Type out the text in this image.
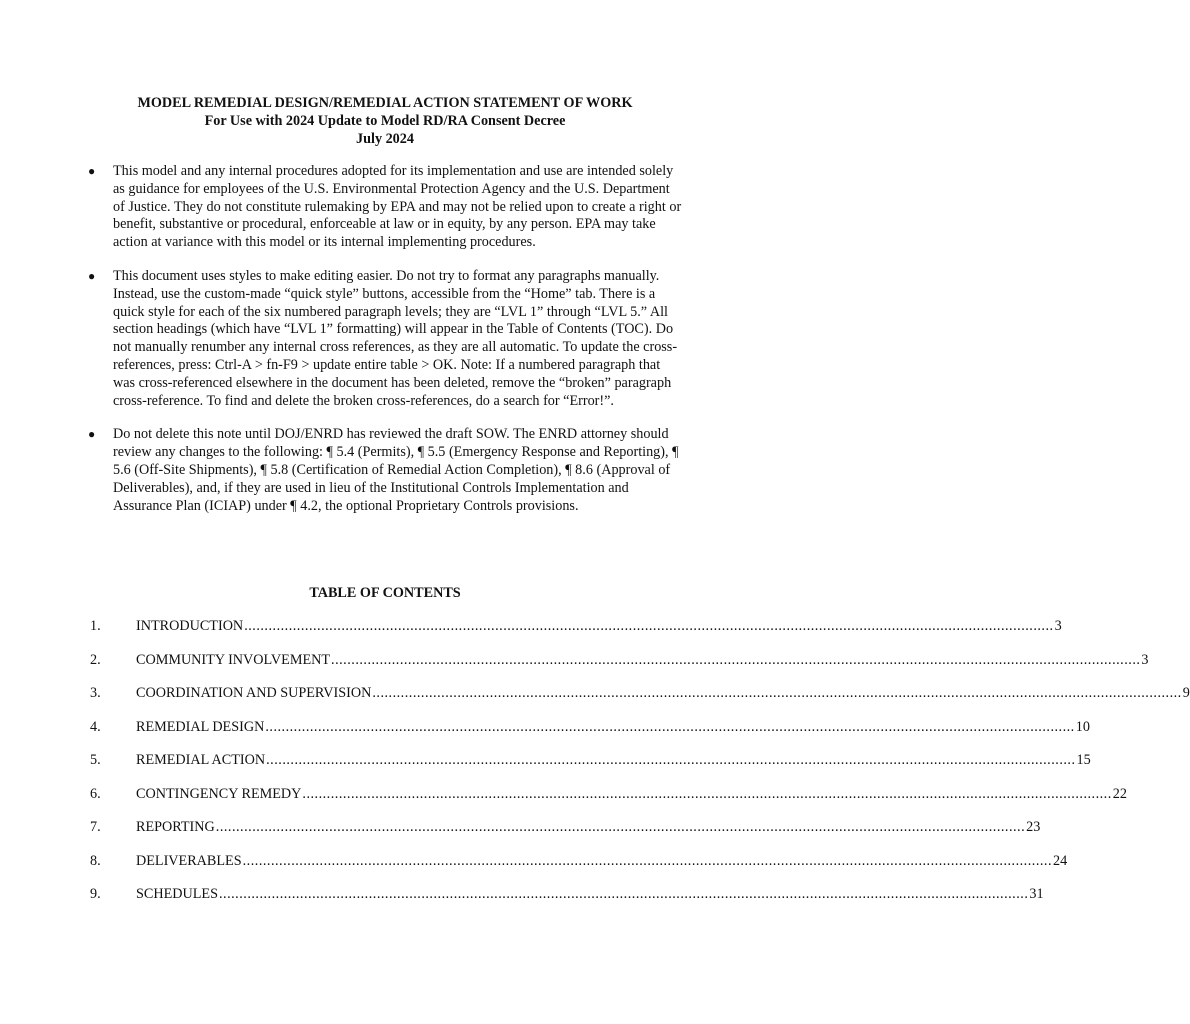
MODEL REMEDIAL DESIGN/REMEDIAL ACTION STATEMENT OF WORK
For Use with 2024 Update to Model RD/RA Consent Decree
July 2024
●	This model and any internal procedures adopted for its implementation and use are intended solely as guidance for employees of the U.S. Environmental Protection Agency and the U.S. Department of Justice. They do not constitute rulemaking by EPA and may not be relied upon to create a right or benefit, substantive or procedural, enforceable at law or in equity, by any person. EPA may take action at variance with this model or its internal implementing procedures.
●	This document uses styles to make editing easier. Do not try to format any paragraphs manually. Instead, use the custom-made “quick style” buttons, accessible from the “Home” tab. There is a quick style for each of the six numbered paragraph levels; they are “LVL 1” through “LVL 5.” All section headings (which have “LVL 1” formatting) will appear in the Table of Contents (TOC). Do not manually renumber any internal cross references, as they are all automatic. To update the cross-references, press: Ctrl-A > fn-F9 > update entire table > OK. Note: If a numbered paragraph that was cross-referenced elsewhere in the document has been deleted, remove the “broken” paragraph cross-reference. To find and delete the broken cross-references, do a search for “Error!”.
●	Do not delete this note until DOJ/ENRD has reviewed the draft SOW. The ENRD attorney should review any changes to the following: ¶ 5.4 (Permits), ¶ 5.5 (Emergency Response and Reporting), ¶ 5.6 (Off-Site Shipments), ¶ 5.8 (Certification of Remedial Action Completion), ¶ 8.6 (Approval of Deliverables), and, if they are used in lieu of the Institutional Controls Implementation and Assurance Plan (ICIAP) under ¶ 4.2, the optional Proprietary Controls provisions.
TABLE OF CONTENTS
1.	INTRODUCTION ........................................................................................................................................................................................................ 3
2.	COMMUNITY INVOLVEMENT ........................................................................................................................................................................................................ 3
3.	COORDINATION AND SUPERVISION ........................................................................................................................................................................................................ 9
4.	REMEDIAL DESIGN ........................................................................................................................................................................................................ 10
5.	REMEDIAL ACTION ........................................................................................................................................................................................................ 15
6.	CONTINGENCY REMEDY ........................................................................................................................................................................................................ 22
7.	REPORTING ........................................................................................................................................................................................................ 23
8.	DELIVERABLES ........................................................................................................................................................................................................ 24
9.	SCHEDULES ........................................................................................................................................................................................................ 31
